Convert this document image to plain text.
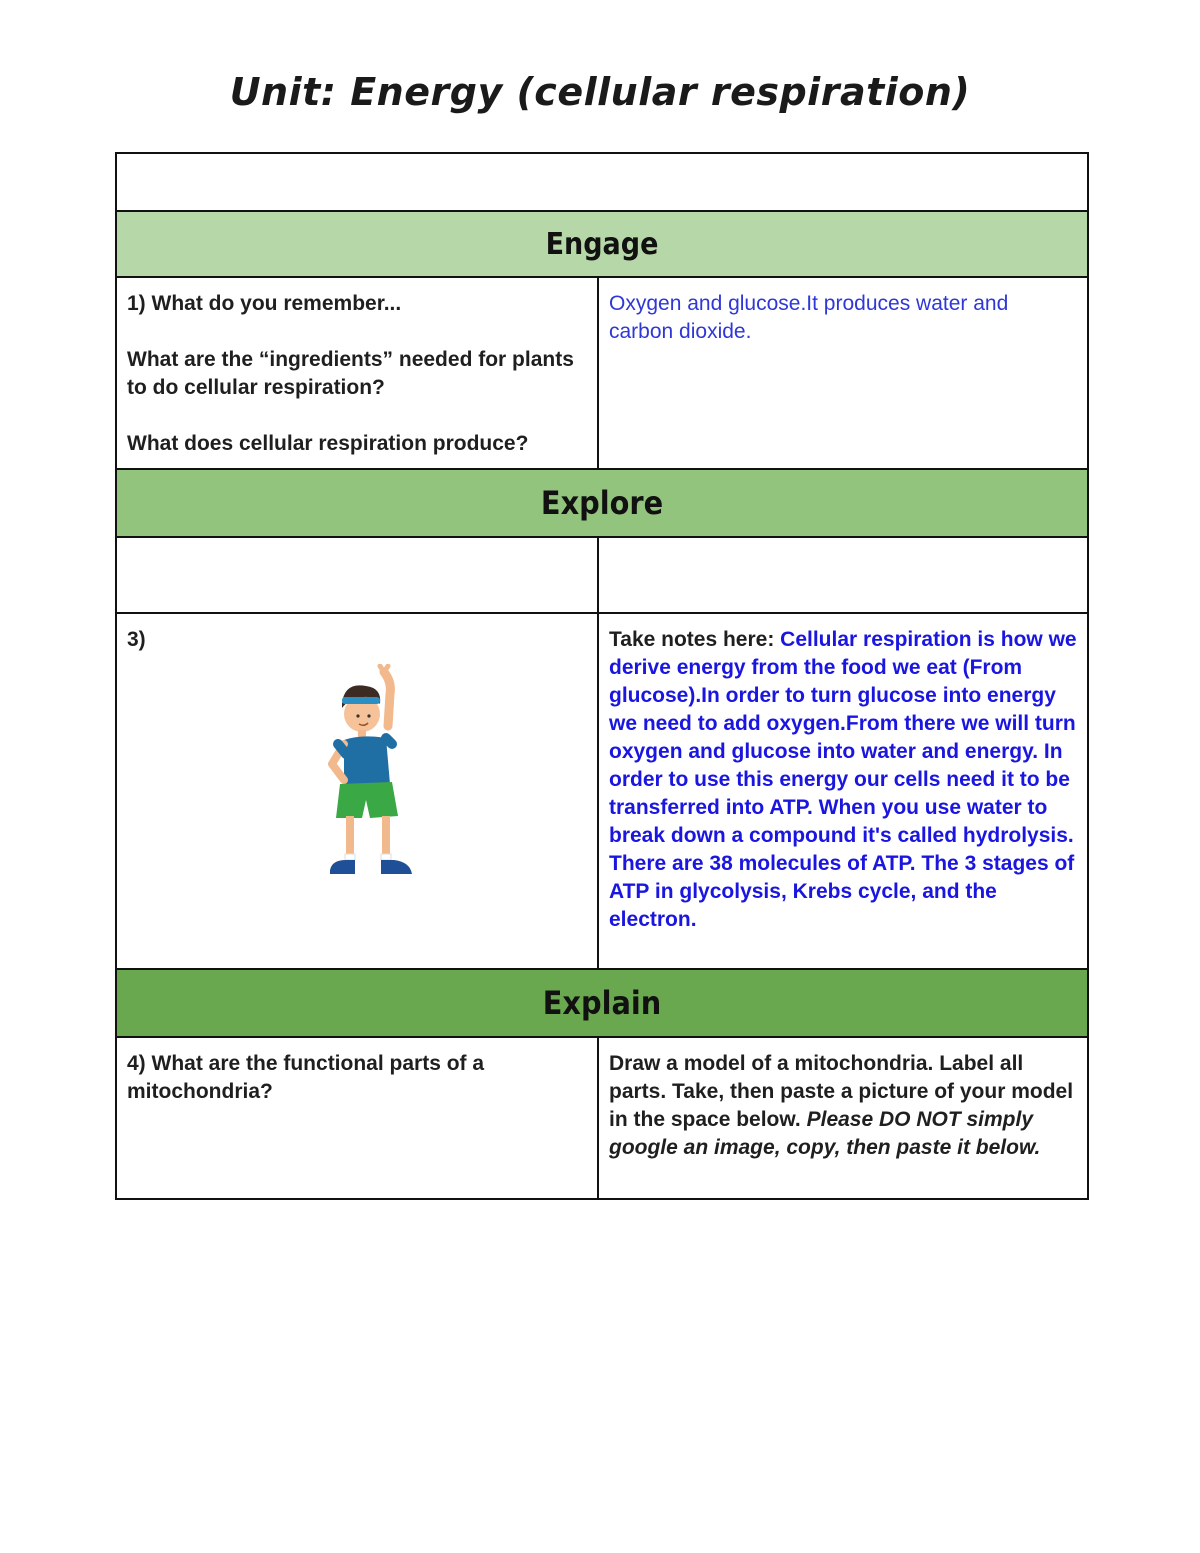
Unit: Energy (cellular respiration)

Engage	

1) What do you remember...

What are the “ingredients” needed for plants to do cellular respiration?

What does cellular respiration produce?	Oxygen and glucose.It produces water and carbon dioxide.

Explore	

3)	Take notes here: Cellular respiration is how we derive energy from the food we eat (From glucose).In order to turn glucose into energy we need to add oxygen.From there we will turn oxygen and glucose into water and energy. In order to use this energy our cells need it to be transferred into ATP. When you use water to break down a compound it's called hydrolysis. There are 38 molecules of ATP. The 3 stages of ATP in glycolysis, Krebs cycle, and the electron.
Explain	

4) What are the functional parts of a mitochondria?	Draw a model of a mitochondria. Label all parts. Take, then paste a picture of your model in the space below. Please DO NOT simply google an image, copy, then paste it below.
